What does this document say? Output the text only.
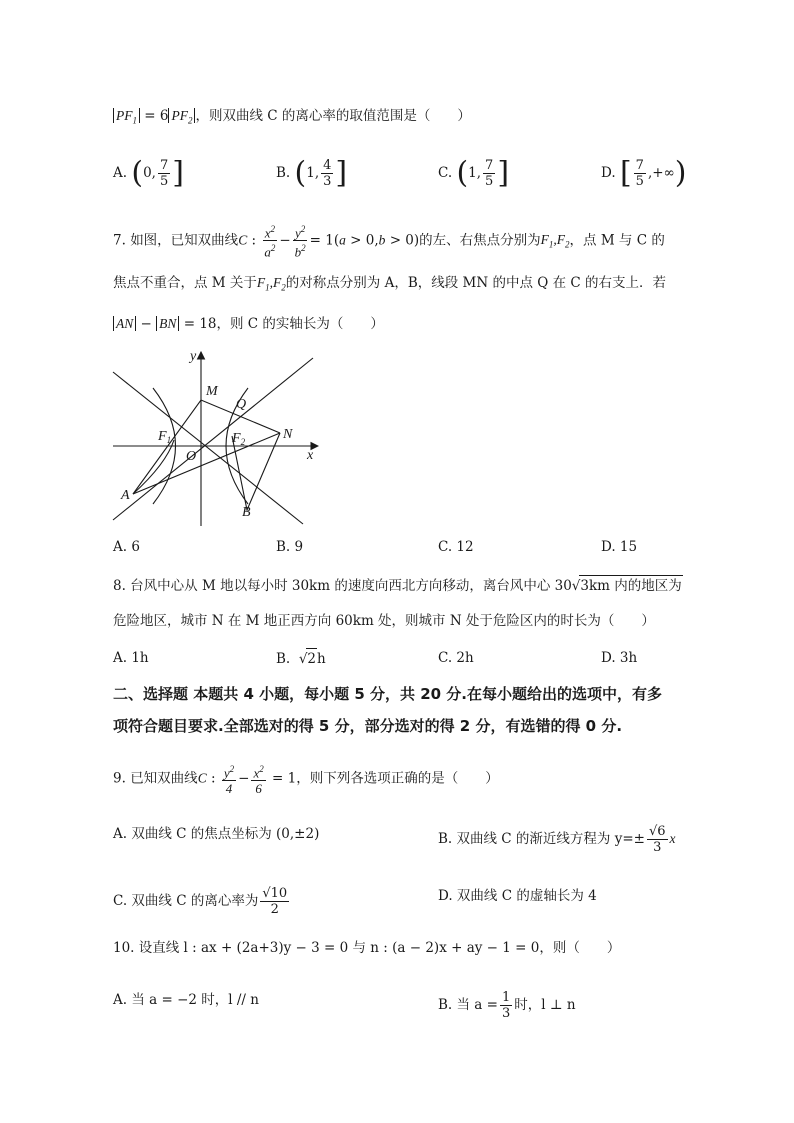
$PF_1 = 6$ $PF_2$ ，则双曲线 C 的离心率的取值范围是（　　）
A. (0, $\frac{7}{5}$ ]	B. (1, $\frac{4}{3}$ ]	C. (1, $\frac{7}{5}$ ]	D. [ $\frac{7}{5}$ ,+∞)
7. 如图，已知双曲线C : $\frac{x^2}{a^2} - \frac{y^2}{b^2} = 1(a > 0,b > 0)$的左、右焦点分别为$F_1,F_2$，点 M 与 C 的
焦点不重合，点 M 关于$F_1,F_2$的对称点分别为 A，B，线段 MN 的中点 Q 在 C 的右支上．若
AN − BN = 18，则 C 的实轴长为（　　）
y
x
O
M
Q
N
$F_1$	$F_2$
A
B
A. 6	B. 9	C. 12	D. 15
8. 台风中心从 M 地以每小时 30km 的速度向西北方向移动，离台风中心 30√3km 内的地区为
危险地区，城市 N 在 M 地正西方向 60km 处，则城市 N 处于危险区内的时长为（　　）
A. 1h	B. √2h	C. 2h	D. 3h
二、选择题 本题共 4 小题，每小题 5 分，共 20 分.在每小题给出的选项中，有多
项符合题目要求.全部选对的得 5 分，部分选对的得 2 分，有选错的得 0 分.
9. 已知双曲线C : $\frac{y^2}{4} - \frac{x^2}{6} = 1$，则下列各选项正确的是（　　）
A. 双曲线 C 的焦点坐标为 (0,±2)	B. 双曲线 C 的渐近线方程为 $y=\pm \frac{√6}{3}$ x
C. 双曲线 C 的离心率为 $\frac{√10}{2}$	D. 双曲线 C 的虚轴长为 4
10. 设直线 l : ax + (2a+3)y − 3 = 0 与 n : (a − 2)x + ay − 1 = 0，则（　　）
A. 当 a = −2 时，l // n	B. 当 $a = \frac{1}{3}$ 时，l ⊥ n
